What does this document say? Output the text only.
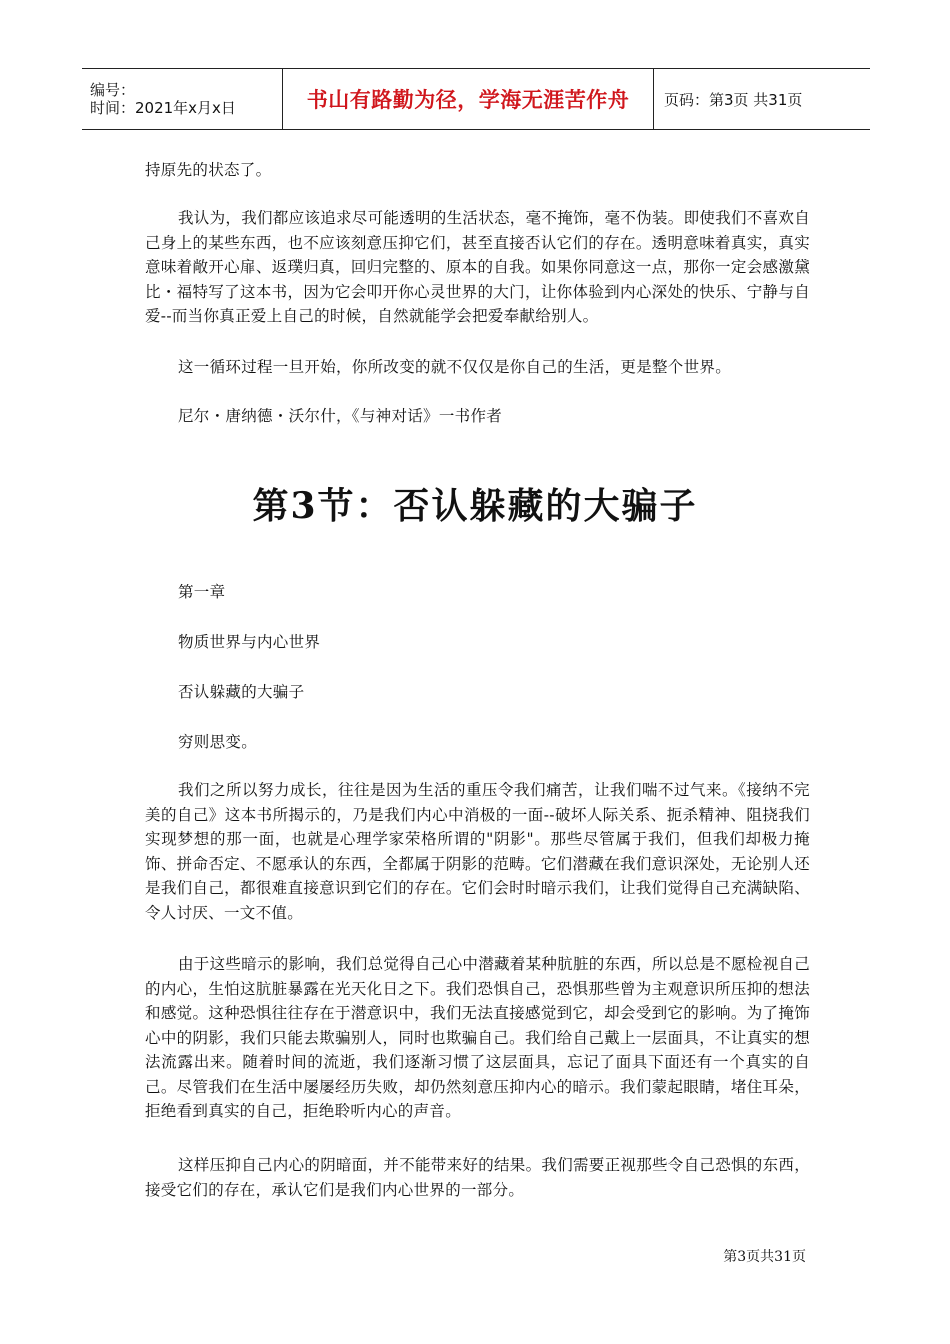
编号：
时间：2021年x月x日	书山有路勤为径，学海无涯苦作舟 页码：第3页 共31页

持原先的状态了。

我认为，我们都应该追求尽可能透明的生活状态，毫不掩饰，毫不伪装。即使我们不喜欢自己身上的某些东西，也不应该刻意压抑它们，甚至直接否认它们的存在。透明意味着真实，真实意味着敞开心扉、返璞归真，回归完整的、原本的自我。如果你同意这一点，那你一定会感激黛比・福特写了这本书，因为它会叩开你心灵世界的大门，让你体验到内心深处的快乐、宁静与自爱--而当你真正爱上自己的时候，自然就能学会把爱奉献给别人。

这一循环过程一旦开始，你所改变的就不仅仅是你自己的生活，更是整个世界。

尼尔・唐纳德・沃尔什，《与神对话》一书作者

第3节：否认躲藏的大骗子

第一章

物质世界与内心世界

否认躲藏的大骗子

穷则思变。

我们之所以努力成长，往往是因为生活的重压令我们痛苦，让我们喘不过气来。《接纳不完美的自己》这本书所揭示的，乃是我们内心中消极的一面--破坏人际关系、扼杀精神、阻挠我们实现梦想的那一面，也就是心理学家荣格所谓的"阴影"。那些尽管属于我们，但我们却极力掩饰、拼命否定、不愿承认的东西，全都属于阴影的范畴。它们潜藏在我们意识深处，无论别人还是我们自己，都很难直接意识到它们的存在。它们会时时暗示我们，让我们觉得自己充满缺陷、令人讨厌、一文不值。

由于这些暗示的影响，我们总觉得自己心中潜藏着某种肮脏的东西，所以总是不愿检视自己的内心，生怕这肮脏暴露在光天化日之下。我们恐惧自己，恐惧那些曾为主观意识所压抑的想法和感觉。这种恐惧往往存在于潜意识中，我们无法直接感觉到它，却会受到它的影响。为了掩饰心中的阴影，我们只能去欺骗别人，同时也欺骗自己。我们给自己戴上一层面具，不让真实的想法流露出来。随着时间的流逝，我们逐渐习惯了这层面具，忘记了面具下面还有一个真实的自己。尽管我们在生活中屡屡经历失败，却仍然刻意压抑内心的暗示。我们蒙起眼睛，堵住耳朵，拒绝看到真实的自己，拒绝聆听内心的声音。

这样压抑自己内心的阴暗面，并不能带来好的结果。我们需要正视那些令自己恐惧的东西，接受它们的存在，承认它们是我们内心世界的一部分。

第3页共31页
